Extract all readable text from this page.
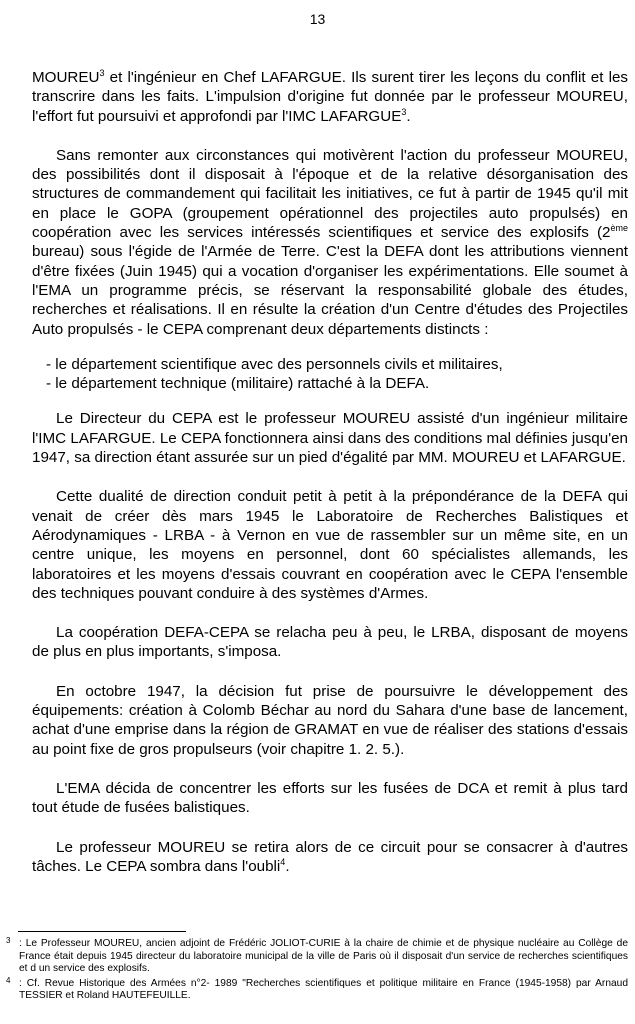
13

MOUREU$^3$ et l'ingénieur en Chef LAFARGUE. Ils surent tirer les leçons du conflit et les transcrire dans les faits. L'impulsion d'origine fut donnée par le professeur MOUREU, l'effort fut poursuivi et approfondi par l'IMC LAFARGUE$^3$.

Sans remonter aux circonstances qui motivèrent l'action du professeur MOUREU, des possibilités dont il disposait à l'époque et de la relative désorganisation des structures de commandement qui facilitait les initiatives, ce fut à partir de 1945 qu'il mit en place le GOPA (groupement opérationnel des projectiles auto propulsés) en coopération avec les services intéressés scientifiques et service des explosifs (2ème bureau) sous l'égide de l'Armée de Terre. C'est la DEFA dont les attributions viennent d'être fixées (Juin 1945) qui a vocation d'organiser les expérimentations. Elle soumet à l'EMA un programme précis, se réservant la responsabilité globale des études, recherches et réalisations. Il en résulte la création d'un Centre d'études des Projectiles Auto propulsés - le CEPA comprenant deux départements distincts :

- le département scientifique avec des personnels civils et militaires,
- le département technique (militaire) rattaché à la DEFA.

Le Directeur du CEPA est le professeur MOUREU assisté d'un ingénieur militaire l'IMC LAFARGUE. Le CEPA fonctionnera ainsi dans des conditions mal définies jusqu'en 1947, sa direction étant assurée sur un pied d'égalité par MM. MOUREU et LAFARGUE.

Cette dualité de direction conduit petit à petit à la prépondérance de la DEFA qui venait de créer dès mars 1945 le Laboratoire de Recherches Balistiques et Aérodynamiques - LRBA - à Vernon en vue de rassembler sur un même site, en un centre unique, les moyens en personnel, dont 60 spécialistes allemands, les laboratoires et les moyens d'essais couvrant en coopération avec le CEPA l'ensemble des techniques pouvant conduire à des systèmes d'Armes.

La coopération DEFA-CEPA se relacha peu à peu, le LRBA, disposant de moyens de plus en plus importants, s'imposa.

En octobre 1947, la décision fut prise de poursuivre le développement des équipements: création à Colomb Béchar au nord du Sahara d'une base de lancement, achat d'une emprise dans la région de GRAMAT en vue de réaliser des stations d'essais au point fixe de gros propulseurs (voir chapitre 1. 2. 5.).

L'EMA décida de concentrer les efforts sur les fusées de DCA et remit à plus tard tout étude de fusées balistiques.

Le professeur MOUREU se retira alors de ce circuit pour se consacrer à d'autres tâches. Le CEPA sombra dans l'oubli$^4$.

3 : Le Professeur MOUREU, ancien adjoint de Frédéric JOLIOT-CURIE à la chaire de chimie et de physique nucléaire au Collège de France était depuis 1945 directeur du laboratoire municipal de la ville de Paris où il disposait d'un service de recherches scientifiques et d un service des explosifs.

4 : Cf. Revue Historique des Armées n°2- 1989 "Recherches scientifiques et politique militaire en France (1945-1958) par Arnaud TESSIER et Roland HAUTEFEUILLE.
